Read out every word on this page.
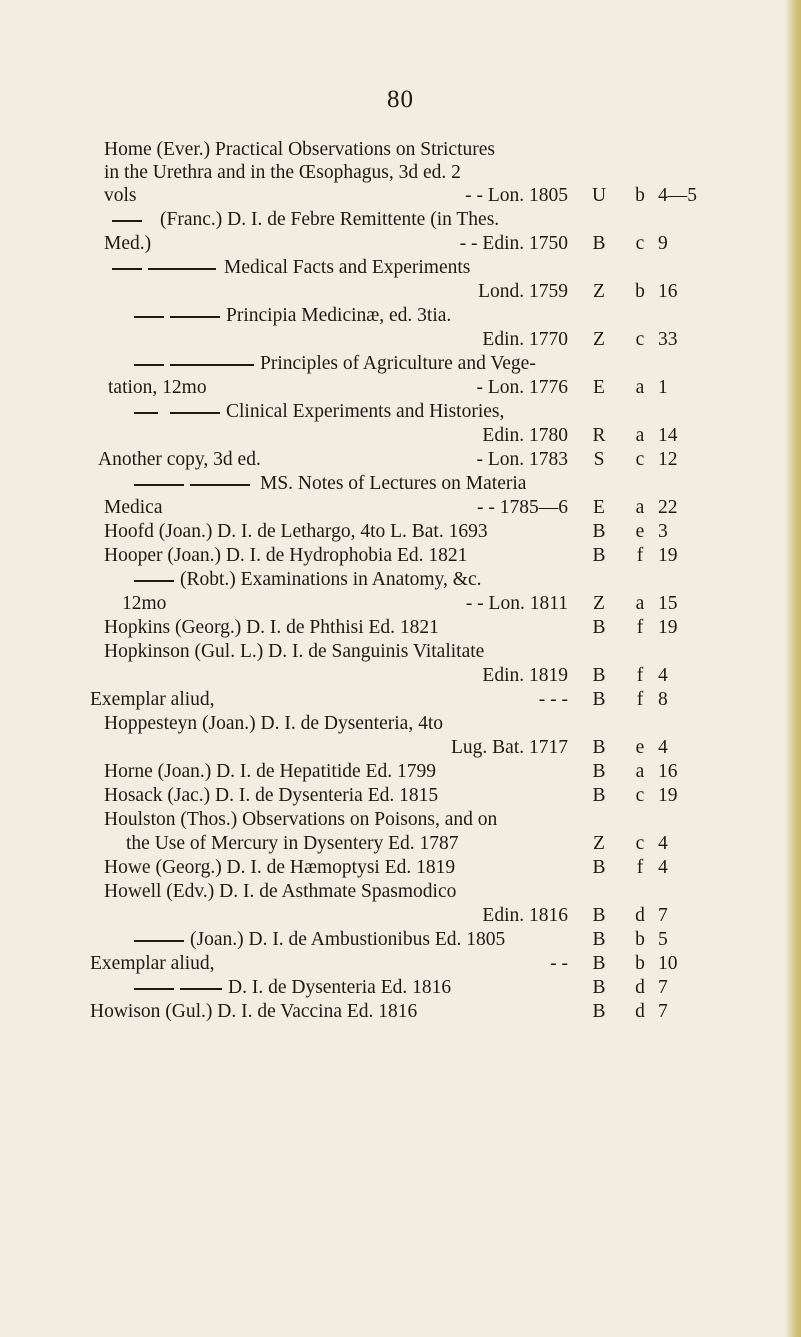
80
Home (Ever.) Practical Observations on Strictures
in the Urethra and in the Œsophagus, 3d ed. 2
vols	- - Lon. 1805	U	b 4—5
(Franc.) D. I. de Febre Remittente (in Thes.
Med.)	- - Edin. 1750	B	c 9
Medical Facts and Experiments
Lond. 1759	Z	b 16
Principia Medicinæ, ed. 3tia.
Edin. 1770	Z	c 33
Principles of Agriculture and Vege-
tation, 12mo	- Lon. 1776	E	a 1
Clinical Experiments and Histories,
Edin. 1780	R	a 14
Another copy, 3d ed.	- Lon. 1783	S	c 12
MS. Notes of Lectures on Materia
Medica	- - 1785—6	E	a 22
Hoofd (Joan.) D. I. de Lethargo, 4to L. Bat. 1693	B	e 3
Hooper (Joan.) D. I. de Hydrophobia Ed. 1821	B	f 19
(Robt.) Examinations in Anatomy, &c.
12mo	- - Lon. 1811	Z	a 15
Hopkins (Georg.) D. I. de Phthisi Ed. 1821	B	f 19
Hopkinson (Gul. L.) D. I. de Sanguinis Vitalitate
Edin. 1819	B	f 4
Exemplar aliud,	- - -	B	f 8
Hoppesteyn (Joan.) D. I. de Dysenteria, 4to
Lug. Bat. 1717	B	e 4
Horne (Joan.) D. I. de Hepatitide Ed. 1799	B	a 16
Hosack (Jac.) D. I. de Dysenteria Ed. 1815	B	c 19
Houlston (Thos.) Observations on Poisons, and on
the Use of Mercury in Dysentery Ed. 1787	Z	c 4
Howe (Georg.) D. I. de Hæmoptysi Ed. 1819	B	f 4
Howell (Edv.) D. I. de Asthmate Spasmodico
Edin. 1816	B	d 7
(Joan.) D. I. de Ambustionibus Ed. 1805	B	b 5
Exemplar aliud,	- -	B	b 10
D. I. de Dysenteria Ed. 1816	B	d 7
Howison (Gul.) D. I. de Vaccina Ed. 1816	B	d 7
